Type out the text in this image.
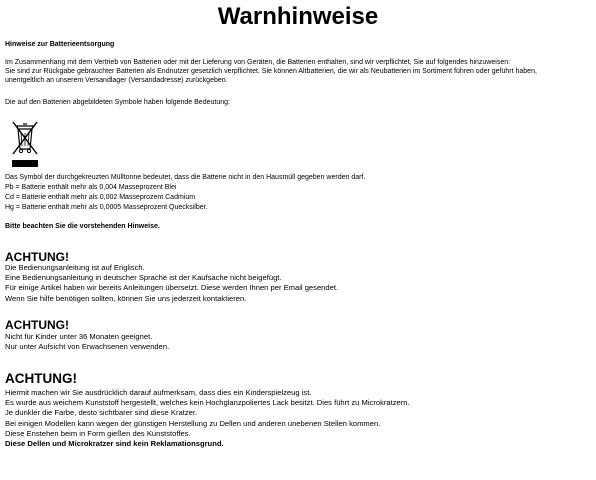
Warnhinweise
Hinweise zur Batterieentsorgung
Im Zusammenhang mit dem Vertrieb von Batterien oder mit der Lieferung von Geräten, die Batterien enthalten, sind wir verpflichtet, Sie auf folgendes hinzuweisen:
Sie sind zur Rückgabe gebrauchter Batterien als Endnutzer gesetzlich verpflichtet. Sie können Altbatterien, die wir als Neubatterien im Sortiment führen oder geführt haben,
unentgeltlich an unserem Versandlager (Versandadresse) zurückgeben.
Die auf den Batterien abgebildeten Symbole haben folgende Bedeutung:
Das Symbol der durchgekreuzten Mülltonne bedeutet, dass die Batterie nicht in den Hausmüll gegeben werden darf.
Pb = Batterie enthält mehr als 0,004 Masseprozent Blei
Cd = Batterie enthält mehr als 0,002 Masseprozent Cadmium
Hg = Batterie enthält mehr als 0,0005 Masseprozent Quecksilber.
Bitte beachten Sie die vorstehenden Hinweise.
ACHTUNG!
Die Bedienungsanleitung ist auf Englisch.
Eine Bedienungsanleitung in deutscher Sprache ist der Kaufsache nicht beigefügt.
Für einige Artikel haben wir bereits Anleitungen übersetzt. Diese werden Ihnen per Email gesendet.
Wenn Sie hilfe benötigen sollten, können Sie uns jederzeit kontaktieren.
ACHTUNG!
Nicht für Kinder unter 36 Monaten geeignet.
Nur unter Aufsicht von Erwachsenen verwenden.
ACHTUNG!
Hiermit machen wir Sie ausdrücklich darauf aufmerksam, dass dies ein Kinderspielzeug ist.
Es wurde aus weichem Kunststoff hergestellt, welches kein Hochglanzpoliertes Lack besitzt. Dies führt zu Microkratzern.
Je dunkler die Farbe, desto sichtbarer sind diese Kratzer.
Bei einigen Modellen kann wegen der günstigen Herstellung zu Dellen und anderen unebenen Stellen kommen.
Diese Enstehen beim in Form gießen des Kunststoffes.
Diese Dellen und Microkratzer sind kein Reklamationsgrund.
